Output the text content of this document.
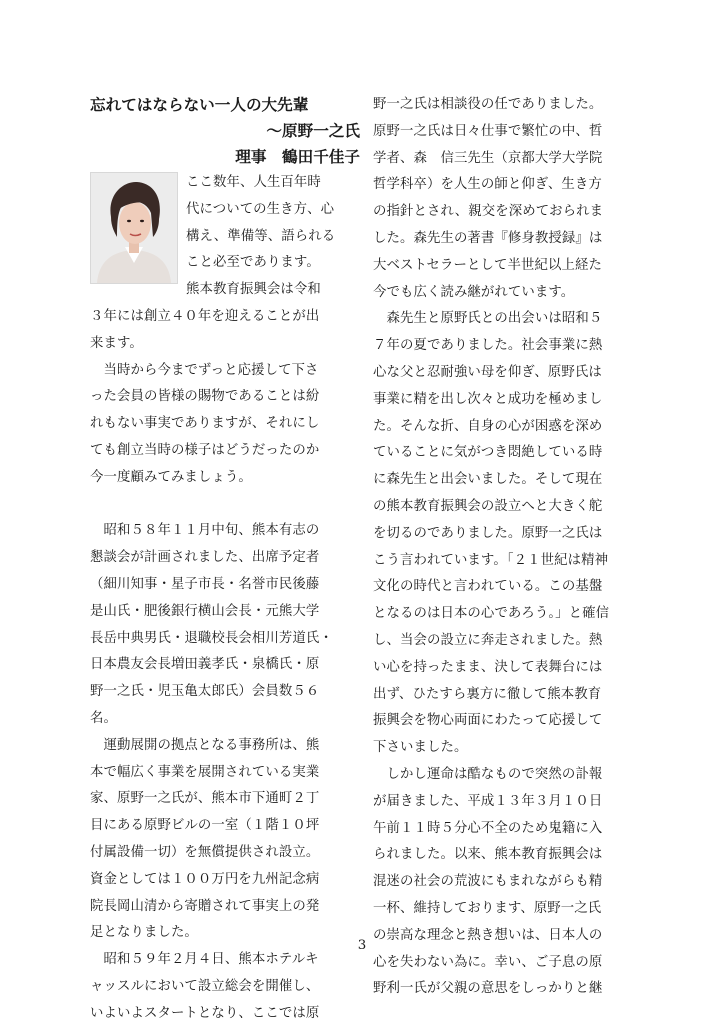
忘れてはならない一人の大先輩
～原野一之氏
理事　鶴田千佳子
ここ数年、人生百年時
代についての生き方、心
構え、準備等、語られる
こと必至であります。
熊本教育振興会は令和
３年には創立４０年を迎えることが出
来ます。
　当時から今までずっと応援して下さ
った会員の皆様の賜物であることは紛
れもない事実でありますが、それにし
ても創立当時の様子はどうだったのか
今一度顧みてみましょう。
　昭和５８年１１月中旬、熊本有志の
懇談会が計画されました、出席予定者
（細川知事・星子市長・名誉市民後藤
是山氏・肥後銀行横山会長・元熊大学
長岳中典男氏・退職校長会相川芳道氏・
日本農友会長増田義孝氏・泉橋氏・原
野一之氏・児玉亀太郎氏）会員数５６
名。
　運動展開の拠点となる事務所は、熊
本で幅広く事業を展開されている実業
家、原野一之氏が、熊本市下通町２丁
目にある原野ビルの一室（１階１０坪
付属設備一切）を無償提供され設立。
資金としては１００万円を九州記念病
院長岡山清から寄贈されて事実上の発
足となりました。
　昭和５９年２月４日、熊本ホテルキ
ャッスルにおいて設立総会を開催し、
いよいよスタートとなり、ここでは原
野一之氏は相談役の任でありました。
原野一之氏は日々仕事で繁忙の中、哲
学者、森　信三先生（京都大学大学院
哲学科卒）を人生の師と仰ぎ、生き方
の指針とされ、親交を深めておられま
した。森先生の著書『修身教授録』は
大ベストセラーとして半世紀以上経た
今でも広く読み継がれています。
　森先生と原野氏との出会いは昭和５
７年の夏でありました。社会事業に熱
心な父と忍耐強い母を仰ぎ、原野氏は
事業に精を出し次々と成功を極めまし
た。そんな折、自身の心が困惑を深め
ていることに気がつき悶絶している時
に森先生と出会いました。そして現在
の熊本教育振興会の設立へと大きく舵
を切るのでありました。原野一之氏は
こう言われています。「２１世紀は精神
文化の時代と言われている。この基盤
となるのは日本の心であろう。」と確信
し、当会の設立に奔走されました。熱
い心を持ったまま、決して表舞台には
出ず、ひたすら裏方に徹して熊本教育
振興会を物心両面にわたって応援して
下さいました。
　しかし運命は酷なもので突然の訃報
が届きました、平成１３年３月１０日
午前１１時５分心不全のため鬼籍に入
られました。以来、熊本教育振興会は
混迷の社会の荒波にもまれながらも精
一杯、維持しております、原野一之氏
の崇高な理念と熱き想いは、日本人の
心を失わない為に。幸い、ご子息の原
野利一氏が父親の意思をしっかりと継
3
